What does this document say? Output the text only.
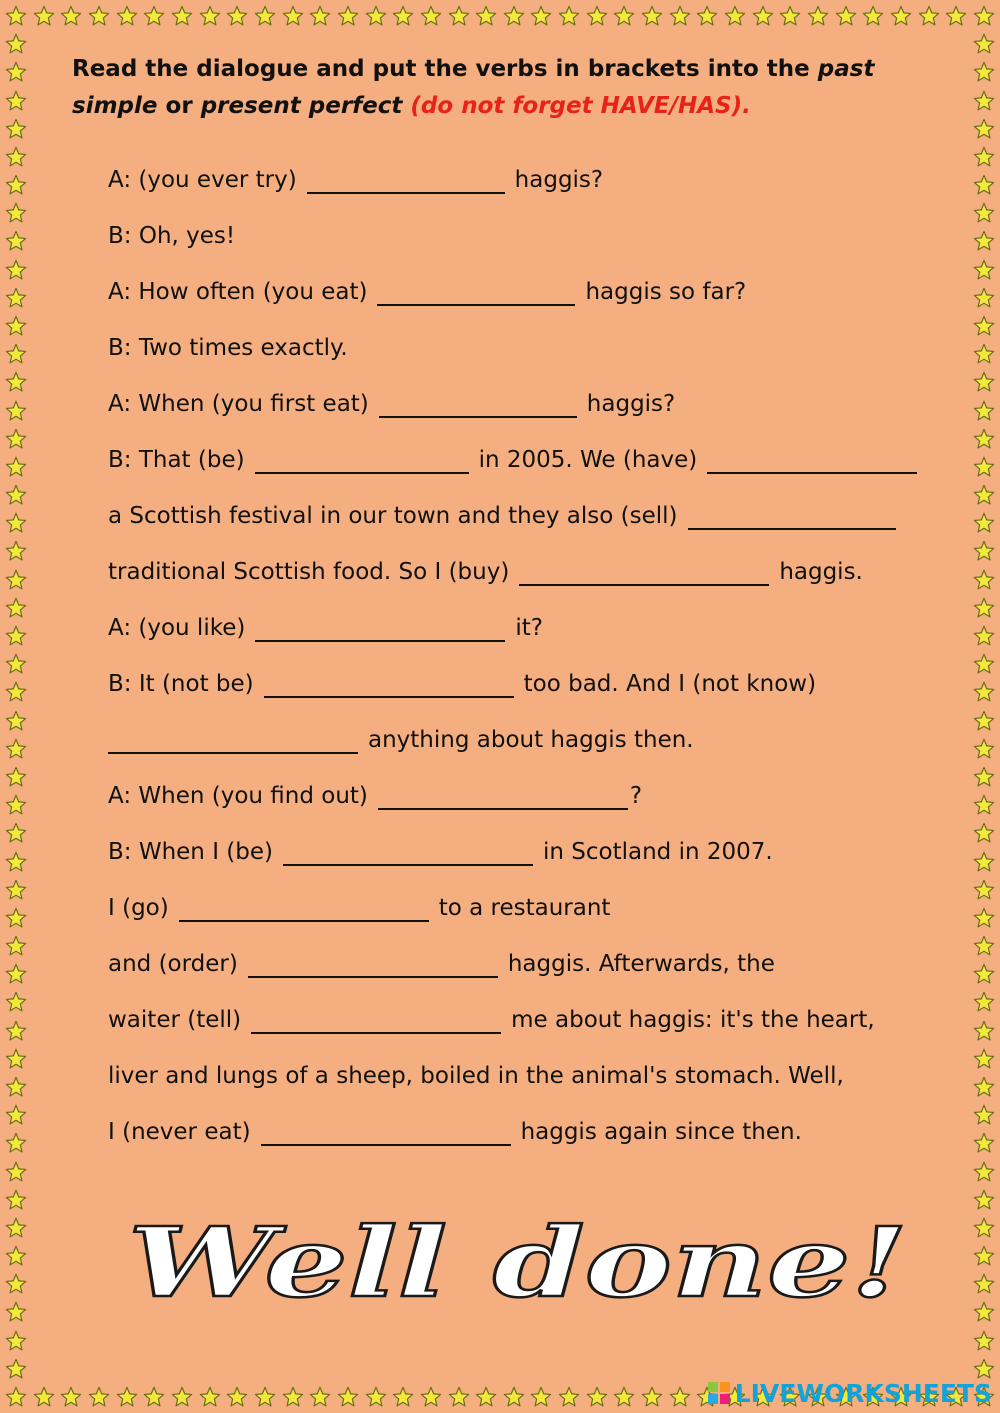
Read the dialogue and put the verbs in brackets into the past simple or present perfect (do not forget HAVE/HAS).

A: (you ever try)	haggis?
B: Oh, yes!
A: How often (you eat)	haggis so far?
B: Two times exactly.
A: When (you first eat)	haggis?
B: That (be)	in 2005. We (have)
a Scottish festival in our town and they also (sell)
traditional Scottish food. So I (buy)	haggis.
A: (you like)	it?
B: It (not be)	too bad. And I (not know)
anything about haggis then.
A: When (you find out)	?
B: When I (be)	in Scotland in 2007.
I (go)	to a restaurant
and (order)	haggis. Afterwards, the
waiter (tell)	me about haggis: it's the heart,
liver and lungs of a sheep, boiled in the animal's stomach. Well,
I (never eat)	haggis again since then.
Well done!
LIVEWORKSHEETS
